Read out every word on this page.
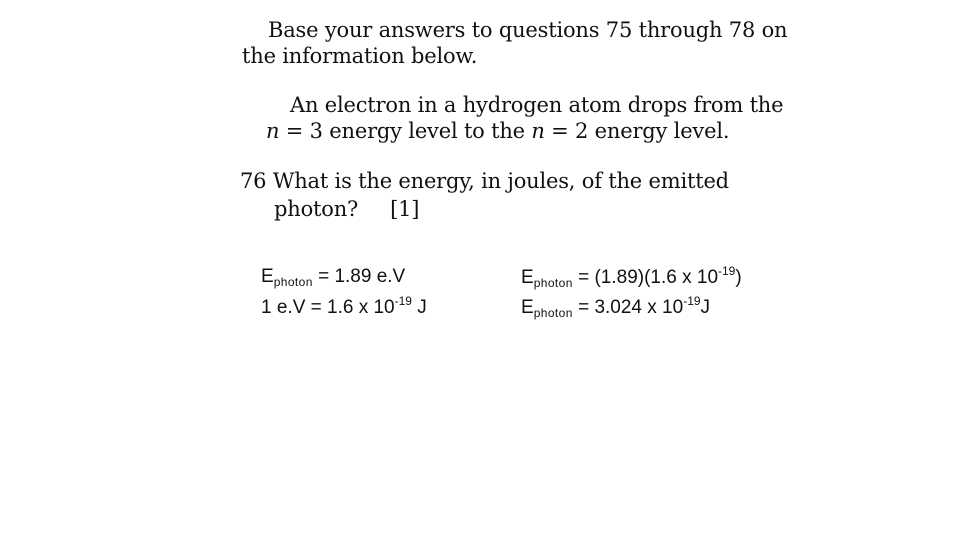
Base your answers to questions 75 through 78 on
the information below.
An electron in a hydrogen atom drops from the
n = 3 energy level to the n = 2 energy level.
76 What is the energy, in joules, of the emitted
photon? [1]
$E_{photon} = 1.89$ e.V
1 e.V = 1.6 x $10^{-19}$ J
$E_{photon} = (1.89)(1.6$ x $10^{-19}$)
$E_{photon} = 3.024$ x $10^{-19}J$
